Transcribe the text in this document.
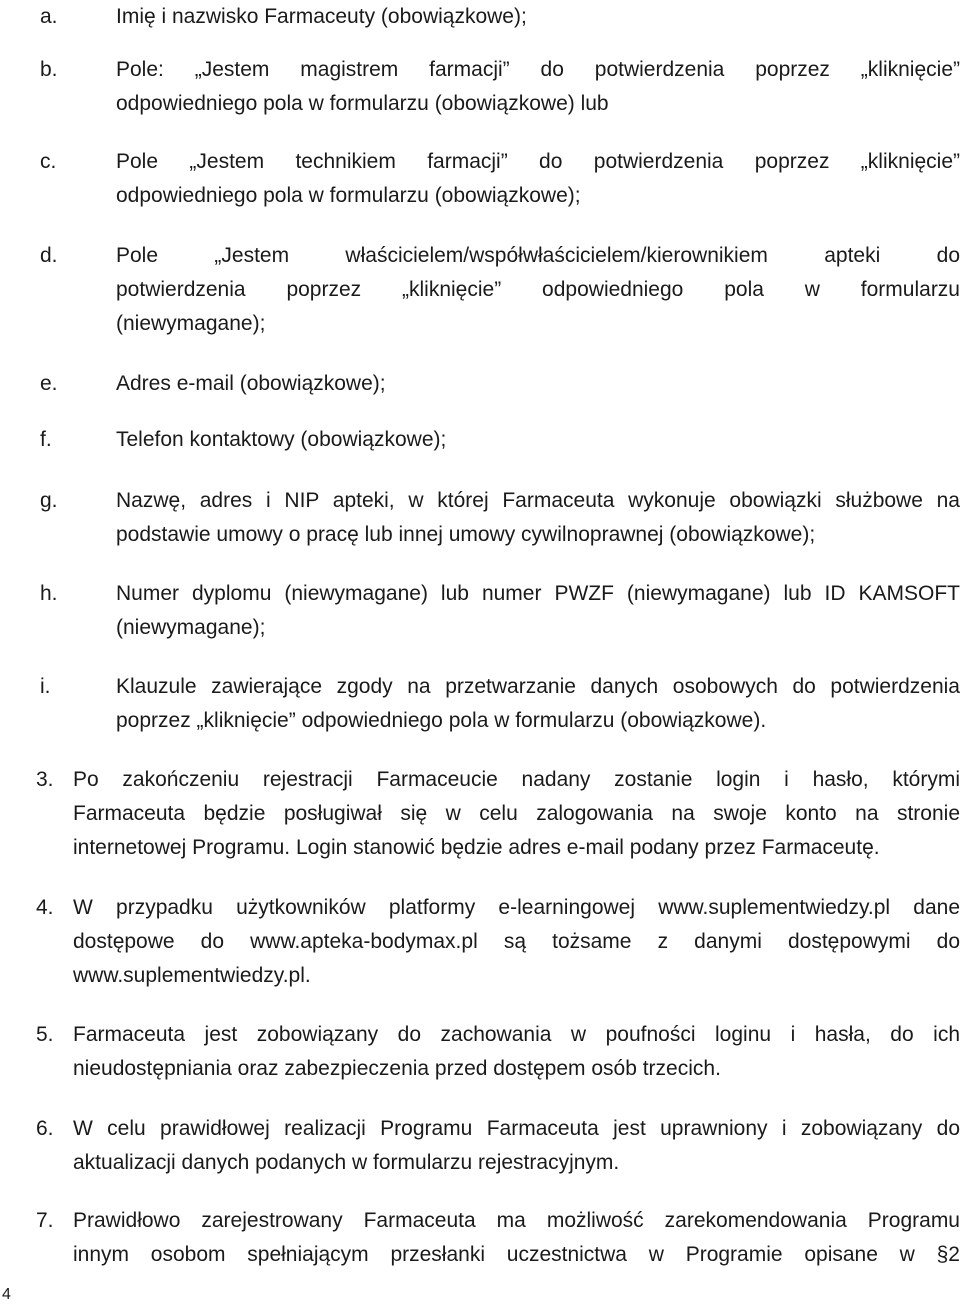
a.	Imię i nazwisko Farmaceuty (obowiązkowe);
b.	Pole: „Jestem magistrem farmacji” do potwierdzenia poprzez „kliknięcie”
odpowiedniego pola w formularzu (obowiązkowe) lub
c.	Pole „Jestem technikiem farmacji” do potwierdzenia poprzez „kliknięcie”
odpowiedniego pola w formularzu (obowiązkowe);
d.	Pole „Jestem właścicielem/współwłaścicielem/kierownikiem apteki do
potwierdzenia poprzez „kliknięcie” odpowiedniego pola w formularzu
(niewymagane);
e.	Adres e-mail (obowiązkowe);
f.	Telefon kontaktowy (obowiązkowe);
g.	Nazwę, adres i NIP apteki, w której Farmaceuta wykonuje obowiązki służbowe na
podstawie umowy o pracę lub innej umowy cywilnoprawnej (obowiązkowe);
h.	Numer dyplomu (niewymagane) lub numer PWZF (niewymagane) lub ID KAMSOFT
(niewymagane);
i.	Klauzule zawierające zgody na przetwarzanie danych osobowych do potwierdzenia
poprzez „kliknięcie” odpowiedniego pola w formularzu (obowiązkowe).
3. Po zakończeniu rejestracji Farmaceucie nadany zostanie login i hasło, którymi
Farmaceuta będzie posługiwał się w celu zalogowania na swoje konto na stronie
internetowej Programu. Login stanowić będzie adres e-mail podany przez Farmaceutę.
4. W przypadku użytkowników platformy e-learningowej www.suplementwiedzy.pl dane
dostępowe do www.apteka-bodymax.pl są tożsame z danymi dostępowymi do
www.suplementwiedzy.pl.
5. Farmaceuta jest zobowiązany do zachowania w poufności loginu i hasła, do ich
nieudostępniania oraz zabezpieczenia przed dostępem osób trzecich.
6. W celu prawidłowej realizacji Programu Farmaceuta jest uprawniony i zobowiązany do
aktualizacji danych podanych w formularzu rejestracyjnym.
7. Prawidłowo zarejestrowany Farmaceuta ma możliwość zarekomendowania Programu
innym osobom spełniającym przesłanki uczestnictwa w Programie opisane w §2
4
